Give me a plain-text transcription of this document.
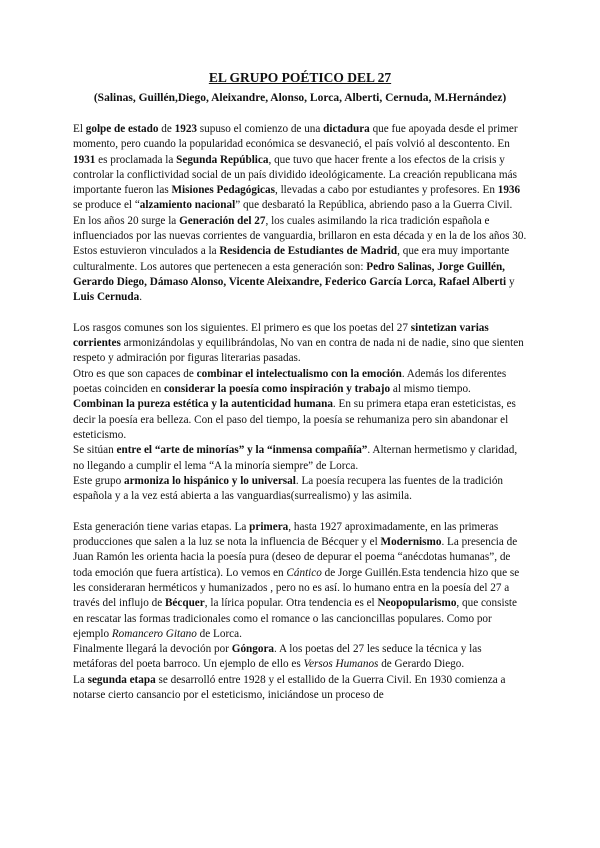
EL GRUPO POÉTICO DEL 27
(Salinas, Guillén,Diego, Aleixandre, Alonso, Lorca, Alberti, Cernuda, M.Hernández)

El golpe de estado de 1923 supuso el comienzo de una dictadura que fue apoyada desde el primer momento, pero cuando la popularidad económica se desvaneció, el país volvió al descontento. En 1931 es proclamada la Segunda República, que tuvo que hacer frente a los efectos de la crisis y controlar la conflictividad social de un país dividido ideológicamente. La creación republicana más importante fueron las Misiones Pedagógicas, llevadas a cabo por estudiantes y profesores. En 1936 se produce el “alzamiento nacional” que desbarató la República, abriendo paso a la Guerra Civil.

En los años 20 surge la Generación del 27, los cuales asimilando la rica tradición española e influenciados por las nuevas corrientes de vanguardia, brillaron en esta década y en la de los años 30. Estos estuvieron vinculados a la Residencia de Estudiantes de Madrid, que era muy importante culturalmente. Los autores que pertenecen a esta generación son: Pedro Salinas, Jorge Guillén, Gerardo Diego, Dámaso Alonso, Vicente Aleixandre, Federico García Lorca, Rafael Alberti y Luis Cernuda.

Los rasgos comunes son los siguientes. El primero es que los poetas del 27 sintetizan varias corrientes armonizándolas y equilibrándolas, No van en contra de nada ni de nadie, sino que sienten respeto y admiración por figuras literarias pasadas.

Otro es que son capaces de combinar el intelectualismo con la emoción. Además los diferentes poetas coinciden en considerar la poesía como inspiración y trabajo al mismo tiempo.

Combinan la pureza estética y la autenticidad humana. En su primera etapa eran esteticistas, es decir la poesía era belleza. Con el paso del tiempo, la poesía se rehumaniza pero sin abandonar el esteticismo.

Se sitúan entre el “arte de minorías” y la “inmensa compañía”. Alternan hermetismo y claridad, no llegando a cumplir el lema “A la minoría siempre” de Lorca.

Este grupo armoniza lo hispánico y lo universal. La poesía recupera las fuentes de la tradición española y a la vez está abierta a las vanguardias(surrealismo) y las asimila.

Esta generación tiene varias etapas. La primera, hasta 1927 aproximadamente, en las primeras producciones que salen a la luz se nota la influencia de Bécquer y el Modernismo. La presencia de Juan Ramón les orienta hacia la poesía pura (deseo de depurar el poema “anécdotas humanas”, de toda emoción que fuera artística). Lo vemos en Cántico de Jorge Guillén.Esta tendencia hizo que se les consideraran herméticos y humanizados , pero no es así. lo humano entra en la poesía del 27 a través del influjo de Bécquer, la lírica popular. Otra tendencia es el Neopopularismo, que consiste en rescatar las formas tradicionales como el romance o las cancioncillas populares. Como por ejemplo Romancero Gitano de Lorca.

Finalmente llegará la devoción por Góngora. A los poetas del 27 les seduce la técnica y las metáforas del poeta barroco. Un ejemplo de ello es Versos Humanos de Gerardo Diego.

La segunda etapa se desarrolló entre 1928 y el estallido de la Guerra Civil. En 1930 comienza a notarse cierto cansancio por el esteticismo, iniciándose un proceso de
